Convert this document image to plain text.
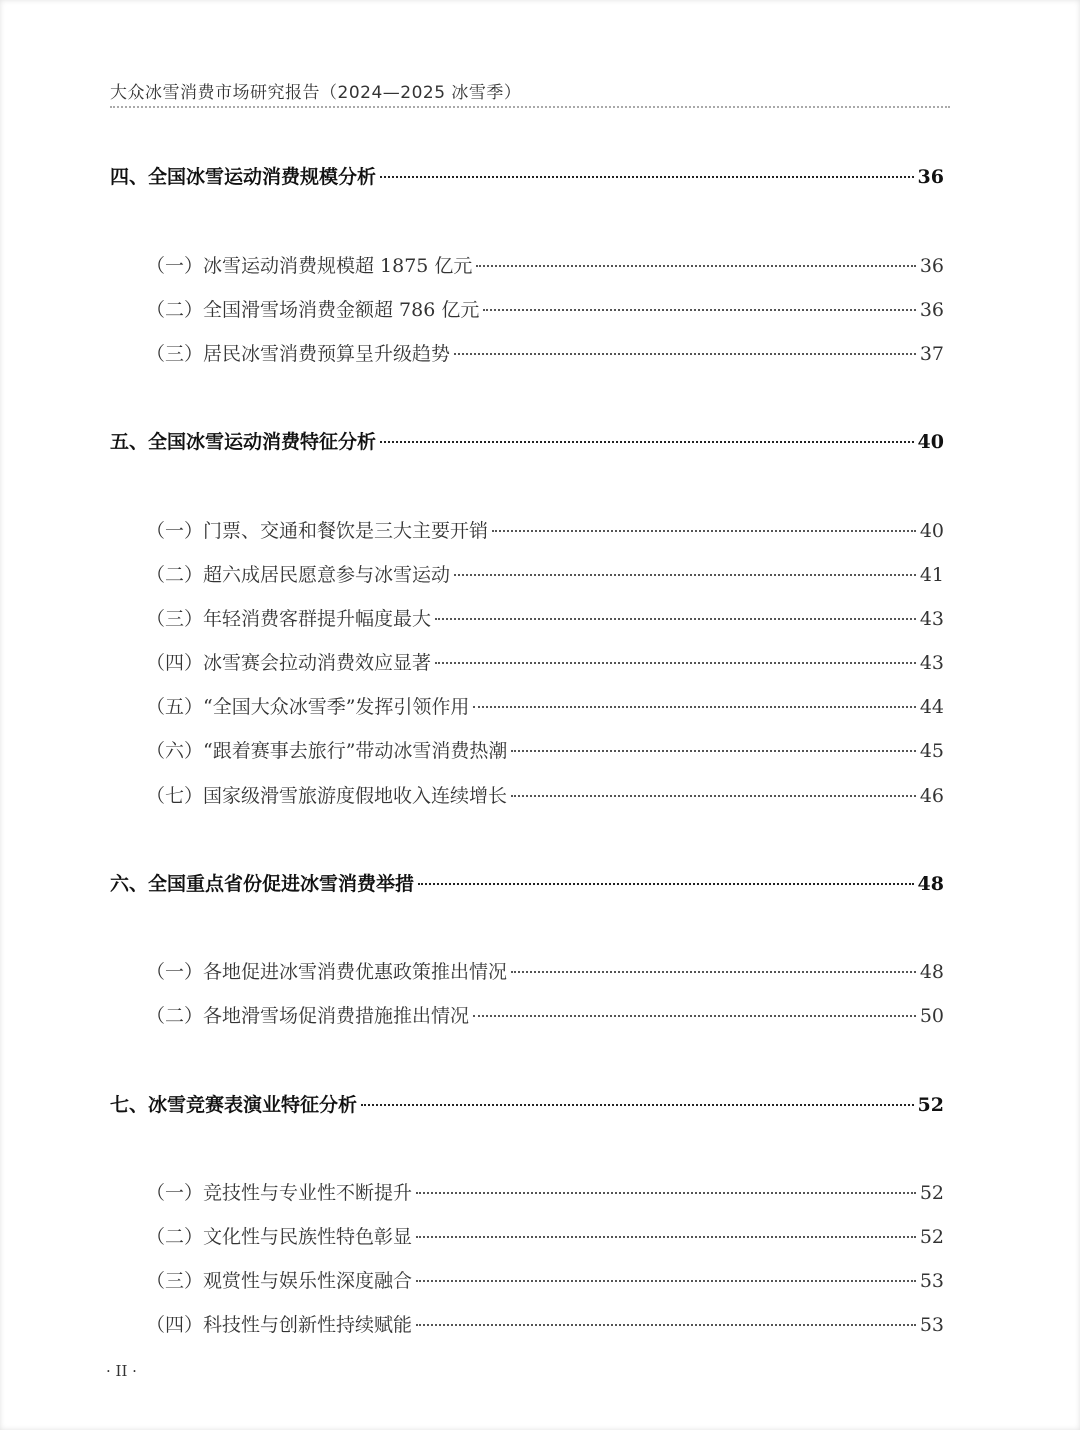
大众冰雪消费市场研究报告（2024—2025 冰雪季）
四、全国冰雪运动消费规模分析	36
（一）冰雪运动消费规模超 1875 亿元	36
（二）全国滑雪场消费金额超 786 亿元	36
（三）居民冰雪消费预算呈升级趋势	37
五、全国冰雪运动消费特征分析	40
（一）门票、交通和餐饮是三大主要开销	40
（二）超六成居民愿意参与冰雪运动	41
（三）年轻消费客群提升幅度最大	43
（四）冰雪赛会拉动消费效应显著	43
（五）“全国大众冰雪季”发挥引领作用	44
（六）“跟着赛事去旅行”带动冰雪消费热潮	45
（七）国家级滑雪旅游度假地收入连续增长	46
六、全国重点省份促进冰雪消费举措	48
（一）各地促进冰雪消费优惠政策推出情况	48
（二）各地滑雪场促消费措施推出情况	50
七、冰雪竞赛表演业特征分析	52
（一）竞技性与专业性不断提升	52
（二）文化性与民族性特色彰显	52
（三）观赏性与娱乐性深度融合	53
（四）科技性与创新性持续赋能	53
· II ·
